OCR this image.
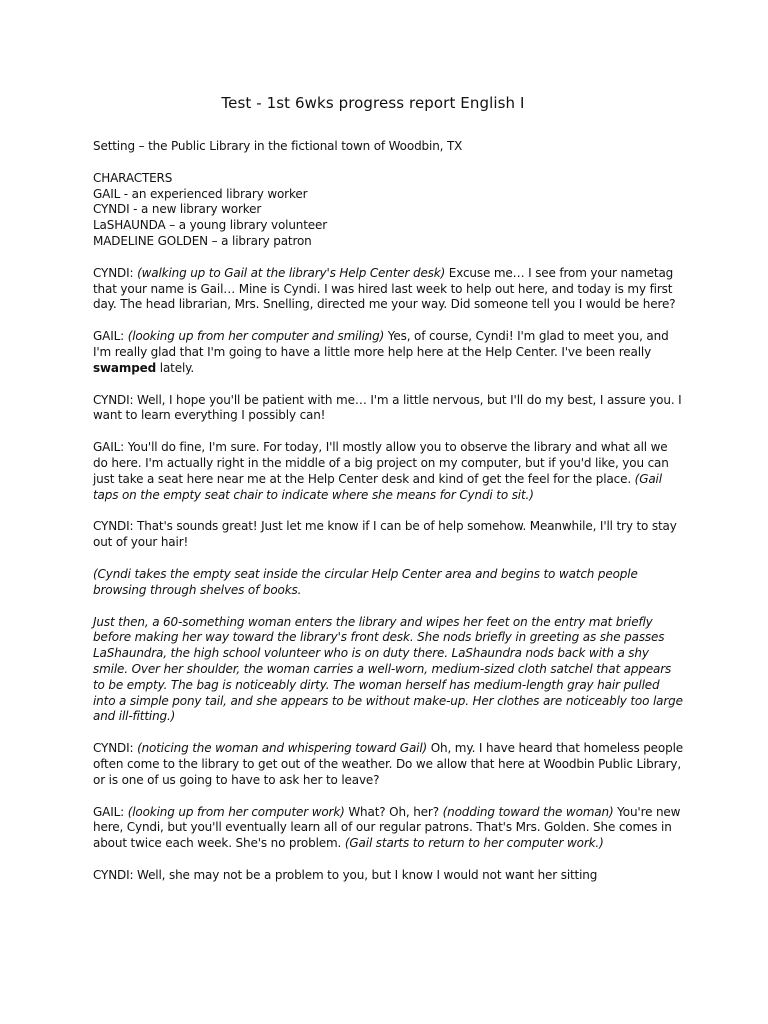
Test - 1st 6wks progress report English I
Setting – the Public Library in the fictional town of Woodbin, TX
CHARACTERS
GAIL - an experienced library worker
CYNDI - a new library worker
LaSHAUNDA – a young library volunteer
MADELINE GOLDEN – a library patron
CYNDI: (walking up to Gail at the library's Help Center desk) Excuse me… I see from your nametag that your name is Gail… Mine is Cyndi. I was hired last week to help out here, and today is my first day. The head librarian, Mrs. Snelling, directed me your way. Did someone tell you I would be here?
GAIL: (looking up from her computer and smiling) Yes, of course, Cyndi! I'm glad to meet you, and I'm really glad that I'm going to have a little more help here at the Help Center. I've been really swamped lately.
CYNDI: Well, I hope you'll be patient with me… I'm a little nervous, but I'll do my best, I assure you. I want to learn everything I possibly can!
GAIL: You'll do fine, I'm sure. For today, I'll mostly allow you to observe the library and what all we do here. I'm actually right in the middle of a big project on my computer, but if you'd like, you can just take a seat here near me at the Help Center desk and kind of get the feel for the place. (Gail taps on the empty seat chair to indicate where she means for Cyndi to sit.)
CYNDI: That's sounds great! Just let me know if I can be of help somehow. Meanwhile, I'll try to stay out of your hair!
(Cyndi takes the empty seat inside the circular Help Center area and begins to watch people browsing through shelves of books.
Just then, a 60-something woman enters the library and wipes her feet on the entry mat briefly before making her way toward the library's front desk. She nods briefly in greeting as she passes LaShaundra, the high school volunteer who is on duty there. LaShaundra nods back with a shy smile. Over her shoulder, the woman carries a well-worn, medium-sized cloth satchel that appears to be empty. The bag is noticeably dirty. The woman herself has medium-length gray hair pulled into a simple pony tail, and she appears to be without make-up. Her clothes are noticeably too large and ill-fitting.)
CYNDI: (noticing the woman and whispering toward Gail) Oh, my. I have heard that homeless people often come to the library to get out of the weather. Do we allow that here at Woodbin Public Library, or is one of us going to have to ask her to leave?
GAIL: (looking up from her computer work) What? Oh, her? (nodding toward the woman) You're new here, Cyndi, but you'll eventually learn all of our regular patrons. That's Mrs. Golden. She comes in about twice each week. She's no problem. (Gail starts to return to her computer work.)
CYNDI: Well, she may not be a problem to you, but I know I would not want her sitting
